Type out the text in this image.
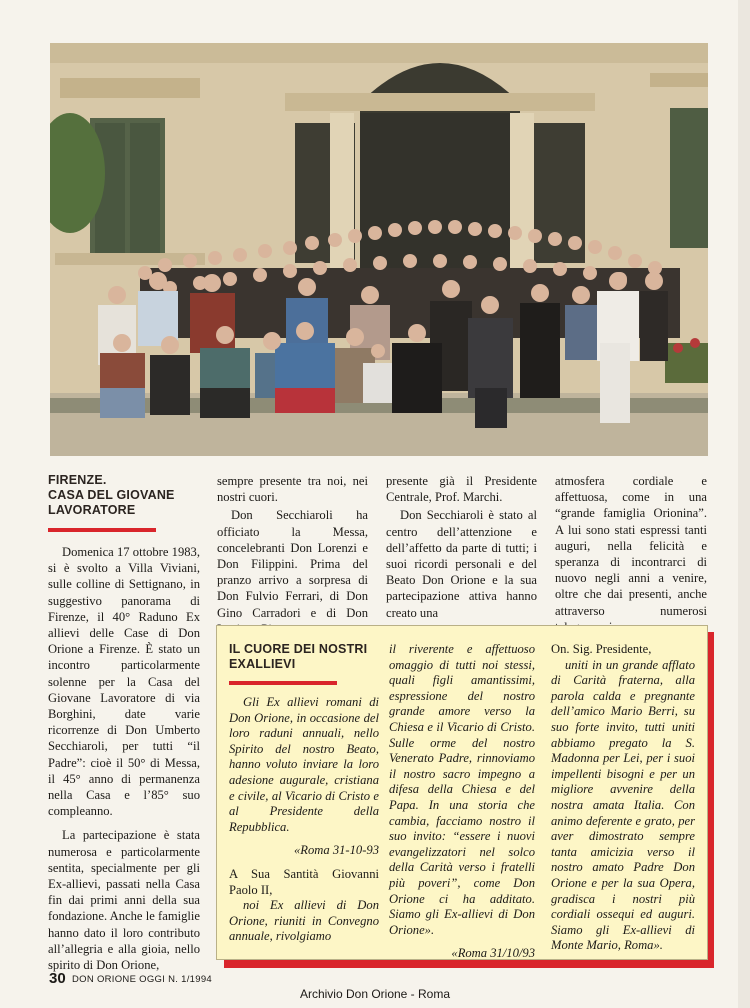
FIRENZE.
CASA DEL GIOVANE
LAVORATORE

Domenica 17 ottobre 1983, si è svolto a Villa Viviani, sulle colline di Settignano, in suggestivo panorama di Firenze, il 40° Raduno Ex allievi delle Case di Don Orione a Firenze. È stato un incontro particolarmente solenne per la Casa del Giovane Lavoratore di via Borghini, date varie ricorrenze di Don Umberto Secchiaroli, per tutti “il Padre”: cioè il 50° di Messa, il 45° anno di permanenza nella Casa e l’85° suo compleanno.

La partecipazione è stata numerosa e particolarmente sentita, specialmente per gli Ex-allievi, passati nella Casa fin dai primi anni della sua fondazione. Anche le famiglie hanno dato il loro contributo all’allegria e alla gioia, nello spirito di Don Orione,

sempre presente tra noi, nei nostri cuori.

Don Secchiaroli ha officiato la Messa, concelebranti Don Lorenzi e Don Filippini. Prima del pranzo arrivo a sorpresa di Don Fulvio Ferrari, di Don Gino Carradori e di Don

presente già il Presidente Centrale, Prof. Marchi.

Don Secchiaroli è stato al centro dell’attenzione e dell’affetto da parte di tutti; i suoi ricordi personali e del Beato Don Orione e la sua partecipazione attiva hanno creato una

atmosfera cordiale e affettuosa, come in una “grande famiglia Orionina”. A lui sono stati espressi tanti auguri, nella felicità e speranza di incontrarci di nuovo negli anni a venire, oltre che dai presenti, anche attraverso numerosi

IL CUORE DEI NOSTRI
EXALLIEVI

Gli Ex allievi romani di Don Orione, in occasione del loro raduni annuali, nello Spirito del nostro Beato, hanno voluto inviare la loro adesione augurale, cristiana e civile, al Vicario di Cristo e al Presidente della Repubblica.

«Roma 31-10-93

A Sua Santità Giovanni Paolo II,

noi Ex allievi di Don Orione, riuniti in Convegno annuale, rivolgiamo

il riverente e affettuoso omaggio di tutti noi stessi, quali figli amantissimi, espressione del nostro grande amore verso la Chiesa e il Vicario di Cristo. Sulle orme del nostro Venerato Padre, rinnoviamo il nostro sacro impegno a difesa della Chiesa e del Papa. In una storia che cambia, facciamo nostro il suo invito: “essere i nuovi evangelizzatori nel solco della Carità verso i fratelli più poveri”, come Don Orione ci ha additato. Siamo gli Ex-allievi di Don Orione».

«Roma 31/10/93

On. Sig. Presidente,

uniti in un grande afflato di Carità fraterna, alla parola calda e pregnante dell’amico Mario Berri, su suo forte invito, tutti uniti abbiamo pregato la S. Madonna per Lei, per i suoi impellenti bisogni e per un migliore avvenire della nostra amata Italia. Con animo deferente e grato, per aver dimostrato sempre tanta amicizia verso il nostro amato Padre Don Orione e per la sua Opera, gradisca i nostri più cordiali ossequi ed auguri. Siamo gli Ex-allievi di Monte Mario, Roma».

30 DON ORIONE OGGI N. 1/1994
Archivio Don Orione - Roma
